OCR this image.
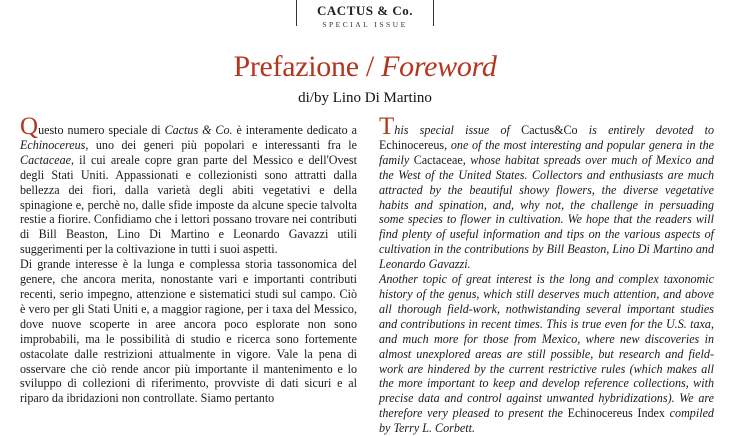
CACTUS & Co.
SPECIAL ISSUE
Prefazione / Foreword
di/by Lino Di Martino

Questo numero speciale di Cactus & Co. è interamente dedicato a Echinocereus, uno dei generi più popolari e interessanti fra le Cactaceae, il cui areale copre gran parte del Messico e dell'Ovest degli Stati Uniti. Appassionati e collezionisti sono attratti dalla bellezza dei fiori, dalla varietà degli abiti vegetativi e della spinagione e, perchè no, dalle sfide imposte da alcune specie talvolta restie a fiorire. Confidiamo che i lettori possano trovare nei contributi di Bill Beaston, Lino Di Martino e Leonardo Gavazzi utili suggerimenti per la coltivazione in tutti i suoi aspetti.

Di grande interesse è la lunga e complessa storia tassonomica del genere, che ancora merita, nonostante vari e importanti contributi recenti, serio impegno, attenzione e sistematici studi sul campo. Ciò è vero per gli Stati Uniti e, a maggior ragione, per i taxa del Messico, dove nuove scoperte in aree ancora poco esplorate non sono improbabili, ma le possibilità di studio e ricerca sono fortemente ostacolate dalle restrizioni attualmente in vigore. Vale la pena di osservare che ciò rende ancor più importante il mantenimento e lo sviluppo di collezioni di riferimento, provviste di dati sicuri e al riparo da ibridazioni non controllate. Siamo pertanto

This special issue of Cactus&Co is entirely devoted to Echinocereus, one of the most interesting and popular genera in the family Cactaceae, whose habitat spreads over much of Mexico and the West of the United States. Collectors and enthusiasts are much attracted by the beautiful showy flowers, the diverse vegetative habits and spination, and, why not, the challenge in persuading some species to flower in cultivation. We hope that the readers will find plenty of useful information and tips on the various aspects of cultivation in the contributions by Bill Beaston, Lino Di Martino and Leonardo Gavazzi.

Another topic of great interest is the long and complex taxonomic history of the genus, which still deserves much attention, and above all thorough field-work, nothwistanding several important studies and contributions in recent times. This is true even for the U.S. taxa, and much more for those from Mexico, where new discoveries in almost unexplored areas are still possible, but research and field-work are hindered by the current restrictive rules (which makes all the more important to keep and develop reference collections, with precise data and control against unwanted hybridizations). We are therefore very pleased to present the Echinocereus Index compiled by Terry L. Corbett.
